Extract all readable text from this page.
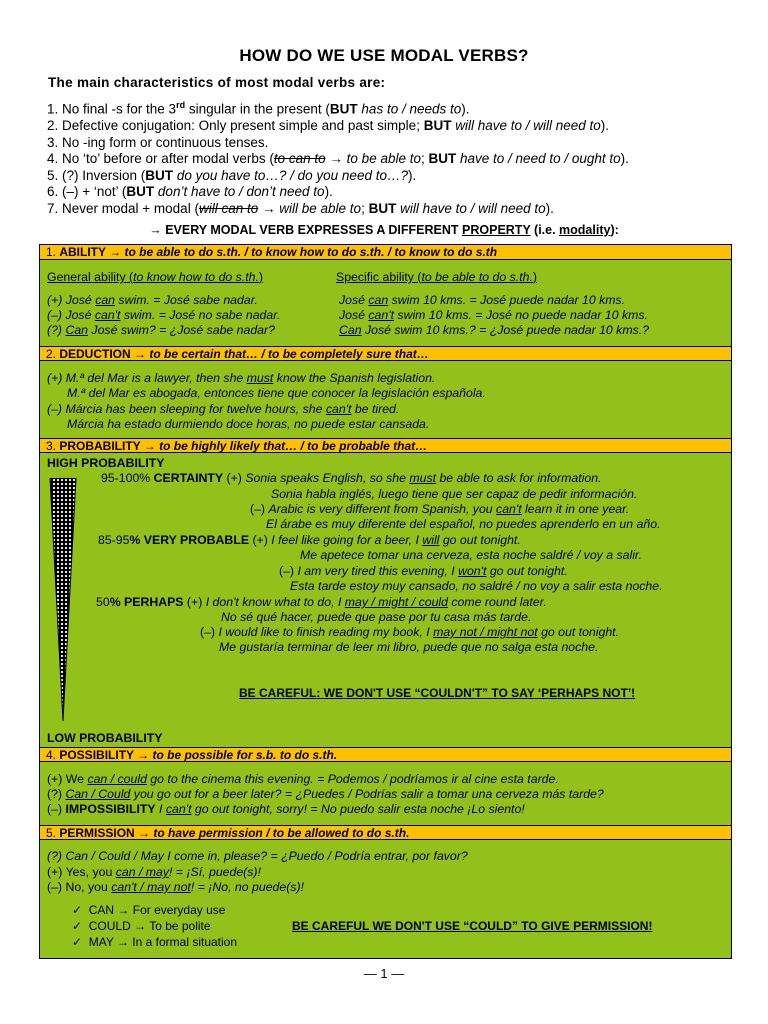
HOW DO WE USE MODAL VERBS?
The main characteristics of most modal verbs are:
1. No final -s for the 3rd singular in the present (BUT has to / needs to).
2. Defective conjugation: Only present simple and past simple; BUT will have to / will need to).
3. No -ing form or continuous tenses.
4. No ‘to’ before or after modal verbs (to can to → to be able to; BUT have to / need to / ought to).
5. (?) Inversion (BUT do you have to…? / do you need to…?).
6. (–) + ‘not’ (BUT don’t have to / don’t need to).
7. Never modal + modal (will can to → will be able to; BUT will have to / will need to).
→ EVERY MODAL VERB EXPRESSES A DIFFERENT PROPERTY (i.e. modality):
1. ABILITY → to be able to do s.th. / to know how to do s.th. / to know to do s.th
General ability (to know how to do s.th.)	Specific ability (to be able to do s.th.)
(+) José can swim. = José sabe nadar.
(–) José can't swim. = José no sabe nadar.
(?) Can José swim? = ¿José sabe nadar?
José can swim 10 kms. = José puede nadar 10 kms.
José can't swim 10 kms. = José no puede nadar 10 kms.
Can José swim 10 kms.? = ¿José puede nadar 10 kms.?
2. DEDUCTION → to be certain that… / to be completely sure that…
(+) M.ª del Mar is a lawyer, then she must know the Spanish legislation.
M.ª del Mar es abogada, entonces tiene que conocer la legislación española.
(–) Márcia has been sleeping for twelve hours, she can't be tired.
Márcia ha estado durmiendo doce horas, no puede estar cansada.
3. PROBABILITY → to be highly likely that… / to be probable that…
HIGH PROBABILITY
95-100% CERTAINTY (+) Sonia speaks English, so she must be able to ask for information.
Sonia habla inglés, luego tiene que ser capaz de pedir información.
(–) Arabic is very different from Spanish, you can't learn it in one year.
El árabe es muy diferente del español, no puedes aprenderlo en un año.
85-95% VERY PROBABLE (+) I feel like going for a beer, I will go out tonight.
Me apetece tomar una cerveza, esta noche saldré / voy a salir.
(–) I am very tired this evening, I won't go out tonight.
Esta tarde estoy muy cansado, no saldré / no voy a salir esta noche.
50% PERHAPS (+) I don't know what to do, I may / might / could come round later.
No sé qué hacer, puede que pase por tu casa más tarde.
(–) I would like to finish reading my book, I may not / might not go out tonight.
Me gustaría terminar de leer mi libro, puede que no salga esta noche.
BE CAREFUL: WE DON'T USE “COULDN'T” TO SAY ‘PERHAPS NOT’!
LOW PROBABILITY
4. POSSIBILITY → to be possible for s.b. to do s.th.
(+) We can / could go to the cinema this evening. = Podemos / podríamos ir al cine esta tarde.
(?) Can / Could you go out for a beer later? = ¿Puedes / Podrías salir a tomar una cerveza más tarde?
(–) IMPOSSIBILITY I can't go out tonight, sorry! = No puedo salir esta noche ¡Lo siento!
5. PERMISSION → to have permission / to be allowed to do s.th.
(?) Can / Could / May I come in, please? = ¿Puedo / Podría entrar, por favor?
(+) Yes, you can / may! = ¡Sí, puede(s)!
(–) No, you can't / may not! = ¡No, no puede(s)!
✓  CAN → For everyday use
✓  COULD → To be polite
✓  MAY → In a formal situation
BE CAREFUL WE DON'T USE “COULD” TO GIVE PERMISSION!
— 1 —
